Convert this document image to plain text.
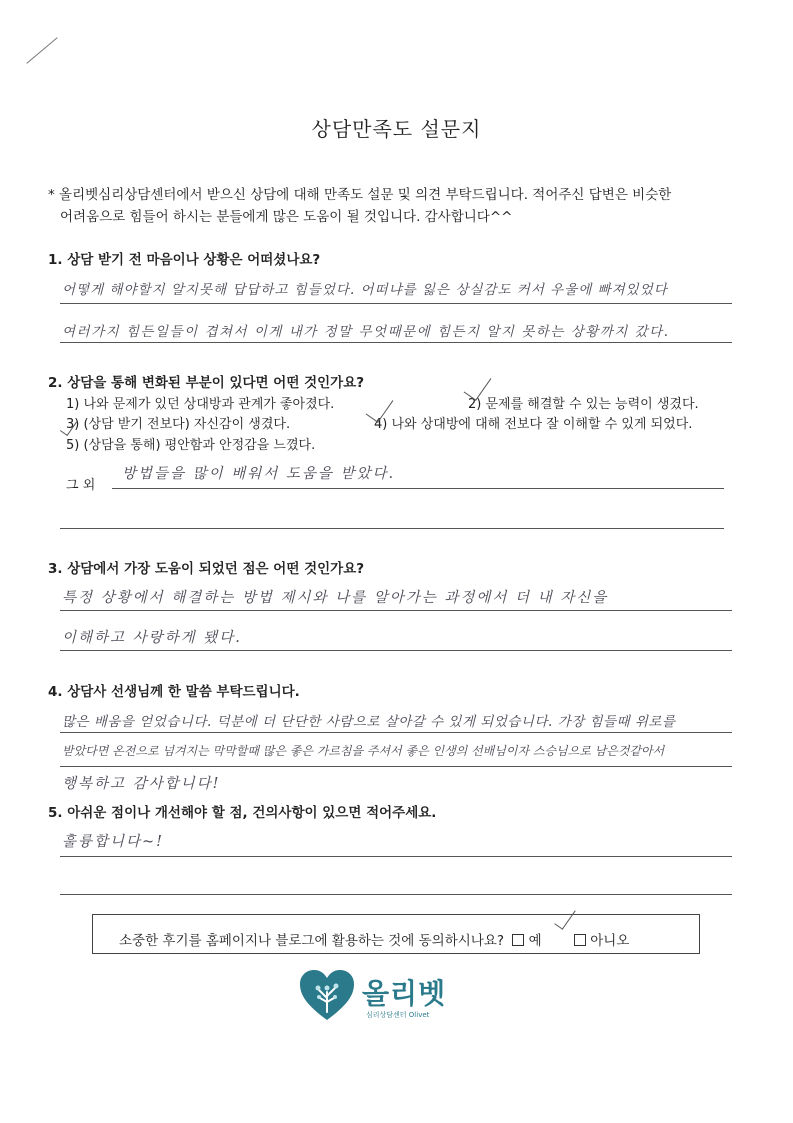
상담만족도 설문지
* 올리벳심리상담센터에서 받으신 상담에 대해 만족도 설문 및 의견 부탁드립니다. 적어주신 답변은 비슷한
어려움으로 힘들어 하시는 분들에게 많은 도움이 될 것입니다. 감사합니다^^
1. 상담 받기 전 마음이나 상황은 어떠셨나요?
어떻게 해야할지 알지못해 답답하고 힘들었다. 어떠냐를 잃은 상실감도 커서 우울에 빠져있었다
여러가지 힘든일들이 겹쳐서 이게 내가 정말 무엇때문에 힘든지 알지 못하는 상황까지 갔다.
2. 상담을 통해 변화된 부분이 있다면 어떤 것인가요?
1) 나와 문제가 있던 상대방과 관계가 좋아졌다.	2) 문제를 해결할 수 있는 능력이 생겼다.
3) (상담 받기 전보다) 자신감이 생겼다.	4) 나와 상대방에 대해 전보다 잘 이해할 수 있게 되었다.
5) (상담을 통해) 평안함과 안정감을 느꼈다.
그 외
방법들을 많이 배워서 도움을 받았다.
3. 상담에서 가장 도움이 되었던 점은 어떤 것인가요?
특정 상황에서 해결하는 방법 제시와 나를 알아가는 과정에서 더 내 자신을
이해하고 사랑하게 됐다.
4. 상담사 선생님께 한 말씀 부탁드립니다.
많은 배움을 얻었습니다. 덕분에 더 단단한 사람으로 살아갈 수 있게 되었습니다. 가장 힘들때 위로를
받았다면 온전으로 넘겨지는 막막할때 많은 좋은 가르침을 주셔서 좋은 인생의 선배님이자 스승님으로 남은것같아서
행복하고 감사합니다!
5. 아쉬운 점이나 개선해야 할 점, 건의사항이 있으면 적어주세요.
훌륭합니다~!
소중한 후기를 홈페이지나 블로그에 활용하는 것에 동의하시나요? 예	아니오
올리벳
심리상담센터 Olivet
